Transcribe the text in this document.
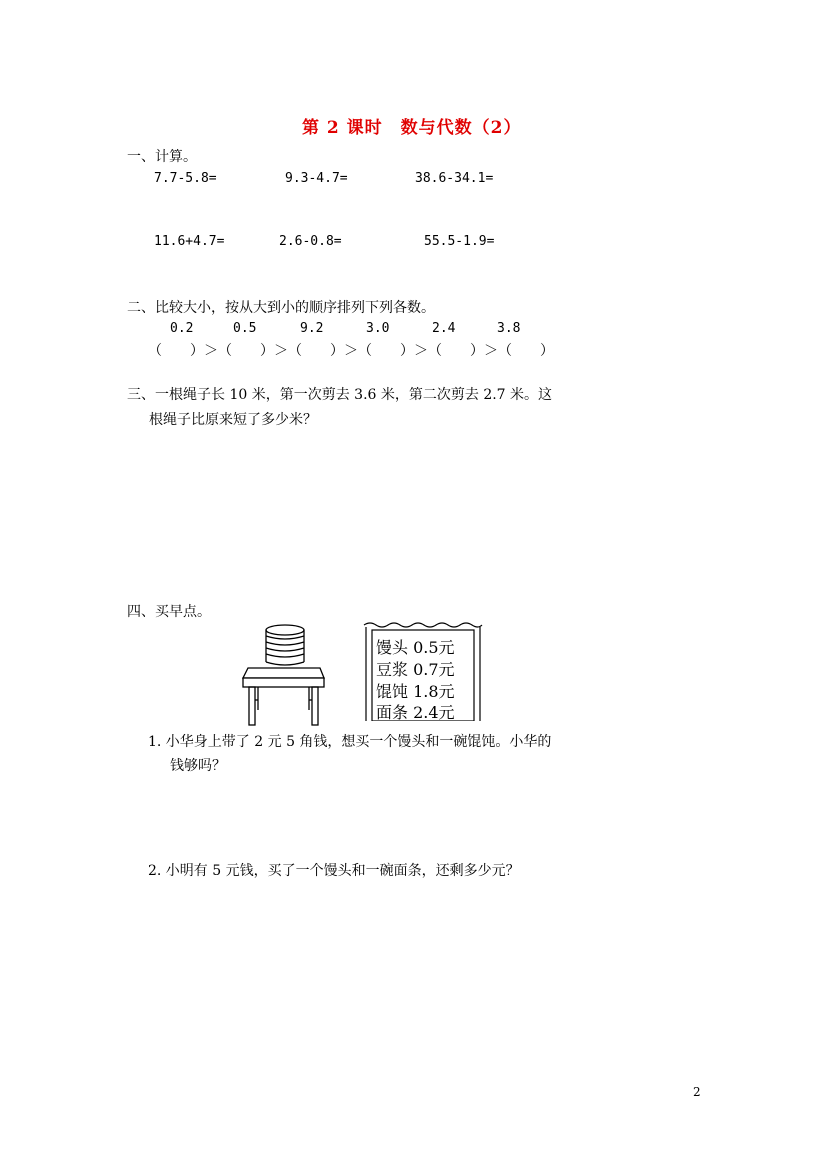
第 2 课时　数与代数（2）
一、计算。
7.7-5.8=	9.3-4.7=	38.6-34.1=
11.6+4.7=	2.6-0.8=	55.5-1.9=
二、比较大小，按从大到小的顺序排列下列各数。
0.2	0.5	9.2	3.0	2.4	3.8
（　　）＞（　　）＞（　　）＞（　　）＞（　　）＞（　　）
三、一根绳子长 10 米，第一次剪去 3.6 米，第二次剪去 2.7 米。这
根绳子比原来短了多少米？
四、买早点。
馒头 0.5元
豆浆 0.7元
馄饨 1.8元
面条 2.4元
1. 小华身上带了 2 元 5 角钱，想买一个馒头和一碗馄饨。小华的
钱够吗？
2. 小明有 5 元钱，买了一个馒头和一碗面条，还剩多少元？
2
